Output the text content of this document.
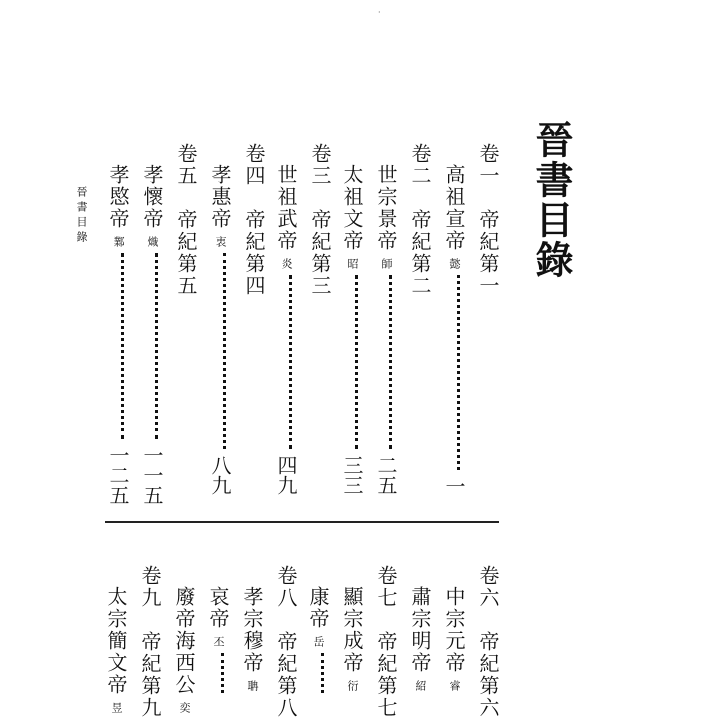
·
晉書目錄
卷一　帝紀第一
高祖宣帝懿一
卷二　帝紀第二
世宗景帝師二五
太祖文帝昭三三
卷三　帝紀第三
世祖武帝炎四九
卷四　帝紀第四
孝惠帝衷八九
卷五　帝紀第五
孝懷帝熾一一五
孝愍帝鄴一二五
晉書目錄
卷六　帝紀第六
中宗元帝睿
肅宗明帝紹
卷七　帝紀第七
顯宗成帝衍
康帝岳
卷八　帝紀第八
孝宗穆帝聃
哀帝丕
廢帝海西公奕
卷九　帝紀第九
太宗簡文帝昱
